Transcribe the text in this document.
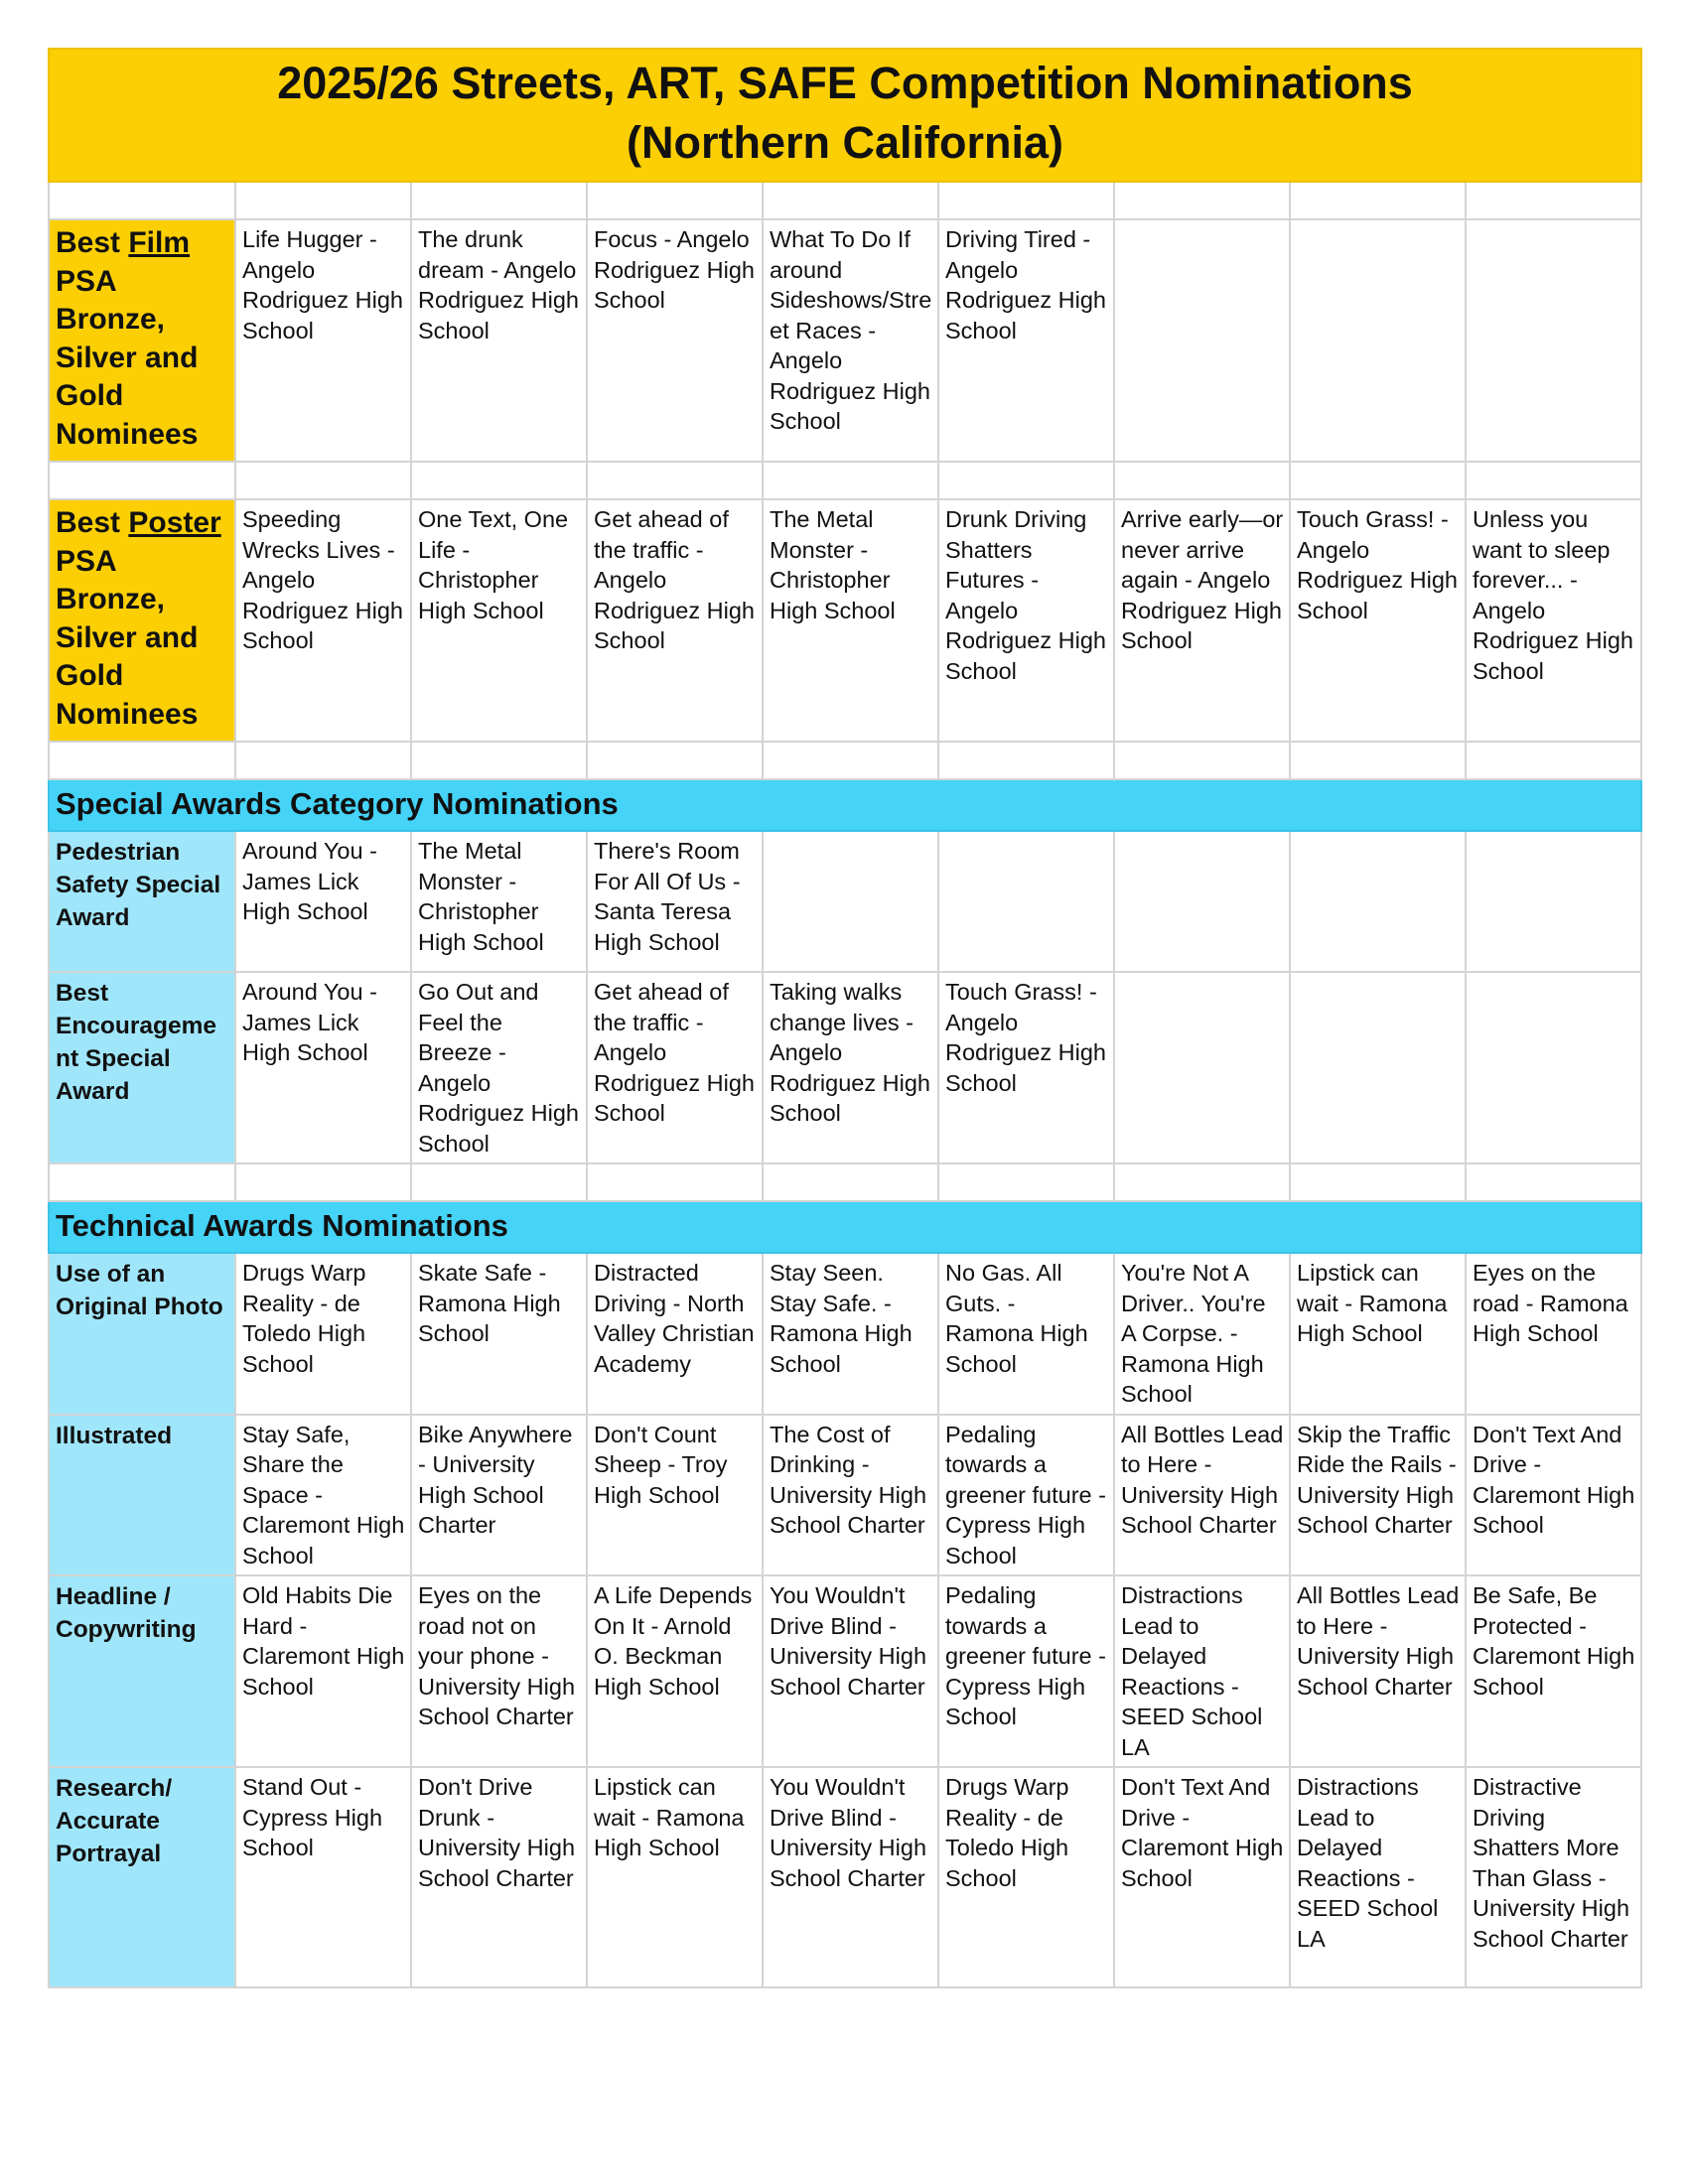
2025/26 Streets, ART, SAFE Competition Nominations
(Northern California)								

Best Film PSA Bronze, Silver and Gold Nominees	Life Hugger - Angelo Rodriguez High School	The drunk dream - Angelo Rodriguez High School	Focus - Angelo Rodriguez High School	What To Do If around Sideshows/Street Races - Angelo Rodriguez High School	Driving Tired - Angelo Rodriguez High School			

Best Poster PSA Bronze, Silver and Gold Nominees	Speeding Wrecks Lives - Angelo Rodriguez High School	One Text, One Life - Christopher High School	Get ahead of the traffic - Angelo Rodriguez High School	The Metal Monster - Christopher High School	Drunk Driving Shatters Futures - Angelo Rodriguez High School	Arrive early—or never arrive again - Angelo Rodriguez High School	Touch Grass! - Angelo Rodriguez High School	Unless you want to sleep forever... - Angelo Rodriguez High School

Special Awards Category Nominations								
Pedestrian Safety Special Award	Around You - James Lick High School	The Metal Monster - Christopher High School	There's Room For All Of Us - Santa Teresa High School					
Best Encouragement Special Award	Around You - James Lick High School	Go Out and Feel the Breeze - Angelo Rodriguez High School	Get ahead of the traffic - Angelo Rodriguez High School	Taking walks change lives - Angelo Rodriguez High School	Touch Grass! - Angelo Rodriguez High School			

Technical Awards Nominations								
Use of an Original Photo	Drugs Warp Reality - de Toledo High School	Skate Safe - Ramona High School	Distracted Driving - North Valley Christian Academy	Stay Seen. Stay Safe. - Ramona High School	No Gas. All Guts. - Ramona High School	You're Not A Driver.. You're A Corpse. - Ramona High School	Lipstick can wait - Ramona High School	Eyes on the road - Ramona High School
Illustrated	Stay Safe, Share the Space - Claremont High School	Bike Anywhere - University High School Charter	Don't Count Sheep - Troy High School	The Cost of Drinking - University High School Charter	Pedaling towards a greener future - Cypress High School	All Bottles Lead to Here - University High School Charter	Skip the Traffic Ride the Rails - University High School Charter	Don't Text And Drive - Claremont High School
Headline / Copywriting	Old Habits Die Hard - Claremont High School	Eyes on the road not on your phone - University High School Charter	A Life Depends On It - Arnold O. Beckman High School	You Wouldn't Drive Blind - University High School Charter	Pedaling towards a greener future - Cypress High School	Distractions Lead to Delayed Reactions - SEED School LA	All Bottles Lead to Here - University High School Charter	Be Safe, Be Protected - Claremont High School
Research/ Accurate Portrayal	Stand Out - Cypress High School	Don't Drive Drunk - University High School Charter	Lipstick can wait - Ramona High School	You Wouldn't Drive Blind - University High School Charter	Drugs Warp Reality - de Toledo High School	Don't Text And Drive - Claremont High School	Distractions Lead to Delayed Reactions - SEED School LA	Distractive Driving Shatters More Than Glass - University High School Charter
